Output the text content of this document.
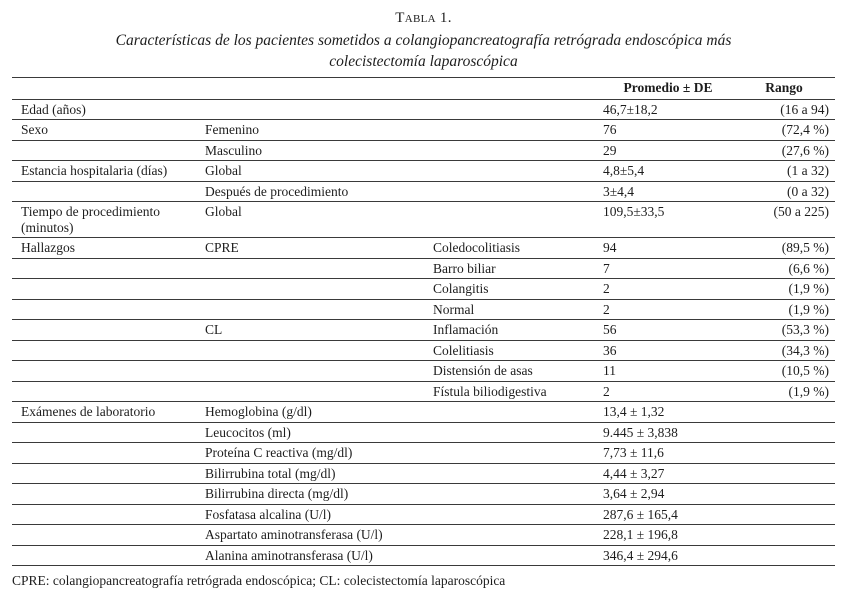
Tabla 1.
Características de los pacientes sometidos a colangiopancreatografía retrógrada endoscópica más
colecistectomía laparoscópica
			Promedio ± DE	Rango
Edad (años)			46,7±18,2	(16 a 94)
Sexo	Femenino		76	(72,4 %)
	Masculino		29	(27,6 %)
Estancia hospitalaria (días)	Global		4,8±5,4	(1 a 32)
	Después de procedimiento		3±4,4	(0 a 32)
Tiempo de procedimiento (minutos)	Global		109,5±33,5	(50 a 225)
Hallazgos	CPRE	Coledocolitiasis	94	(89,5 %)
		Barro biliar	7	(6,6 %)
		Colangitis	2	(1,9 %)
		Normal	2	(1,9 %)
	CL	Inflamación	56	(53,3 %)
		Colelitiasis	36	(34,3 %)
		Distensión de asas	11	(10,5 %)
		Fístula biliodigestiva	2	(1,9 %)
Exámenes de laboratorio	Hemoglobina (g/dl)		13,4 ± 1,32	
	Leucocitos (ml)		9.445 ± 3,838	
	Proteína C reactiva (mg/dl)		7,73 ± 11,6	
	Bilirrubina total (mg/dl)		4,44 ± 3,27	
	Bilirrubina directa (mg/dl)		3,64 ± 2,94	
	Fosfatasa alcalina (U/l)		287,6 ± 165,4	
	Aspartato aminotransferasa (U/l)		228,1 ± 196,8	
	Alanina aminotransferasa (U/l)		346,4 ± 294,6	
CPRE: colangiopancreatografía retrógrada endoscópica; CL: colecistectomía laparoscópica
